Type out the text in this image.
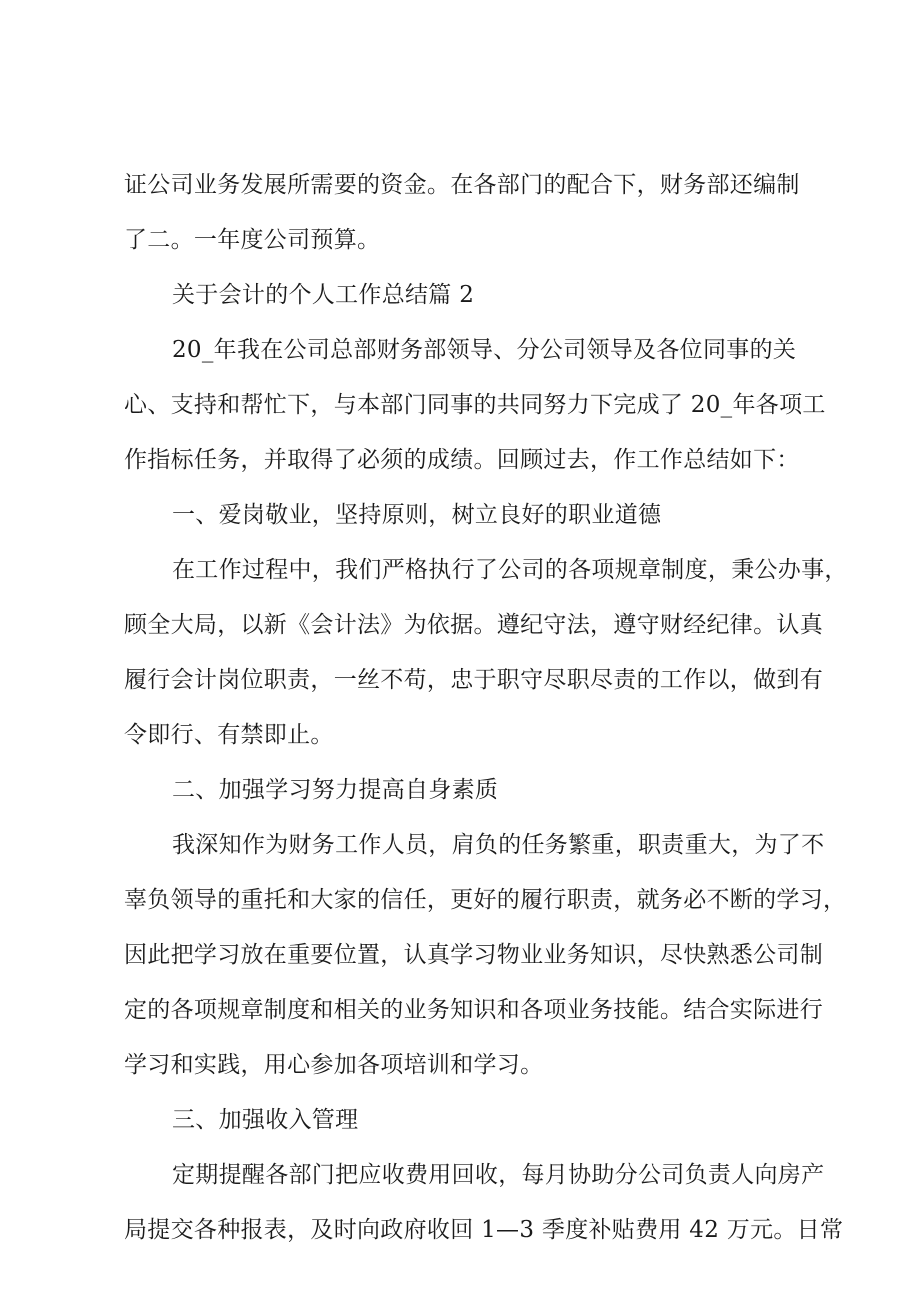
证公司业务发展所需要的资金。在各部门的配合下，财务部还编制
了二。一年度公司预算。
关于会计的个人工作总结篇 2
20_年我在公司总部财务部领导、分公司领导及各位同事的关
心、支持和帮忙下，与本部门同事的共同努力下完成了 20_年各项工
作指标任务，并取得了必须的成绩。回顾过去，作工作总结如下：
一、爱岗敬业，坚持原则，树立良好的职业道德
在工作过程中，我们严格执行了公司的各项规章制度，秉公办事，
顾全大局，以新《会计法》为依据。遵纪守法，遵守财经纪律。认真
履行会计岗位职责，一丝不苟，忠于职守尽职尽责的工作以，做到有
令即行、有禁即止。
二、加强学习努力提高自身素质
我深知作为财务工作人员，肩负的任务繁重，职责重大，为了不
辜负领导的重托和大家的信任，更好的履行职责，就务必不断的学习，
因此把学习放在重要位置，认真学习物业业务知识，尽快熟悉公司制
定的各项规章制度和相关的业务知识和各项业务技能。结合实际进行
学习和实践，用心参加各项培训和学习。
三、加强收入管理
定期提醒各部门把应收费用回收，每月协助分公司负责人向房产
局提交各种报表，及时向政府收回 1—3 季度补贴费用 42 万元。日常
